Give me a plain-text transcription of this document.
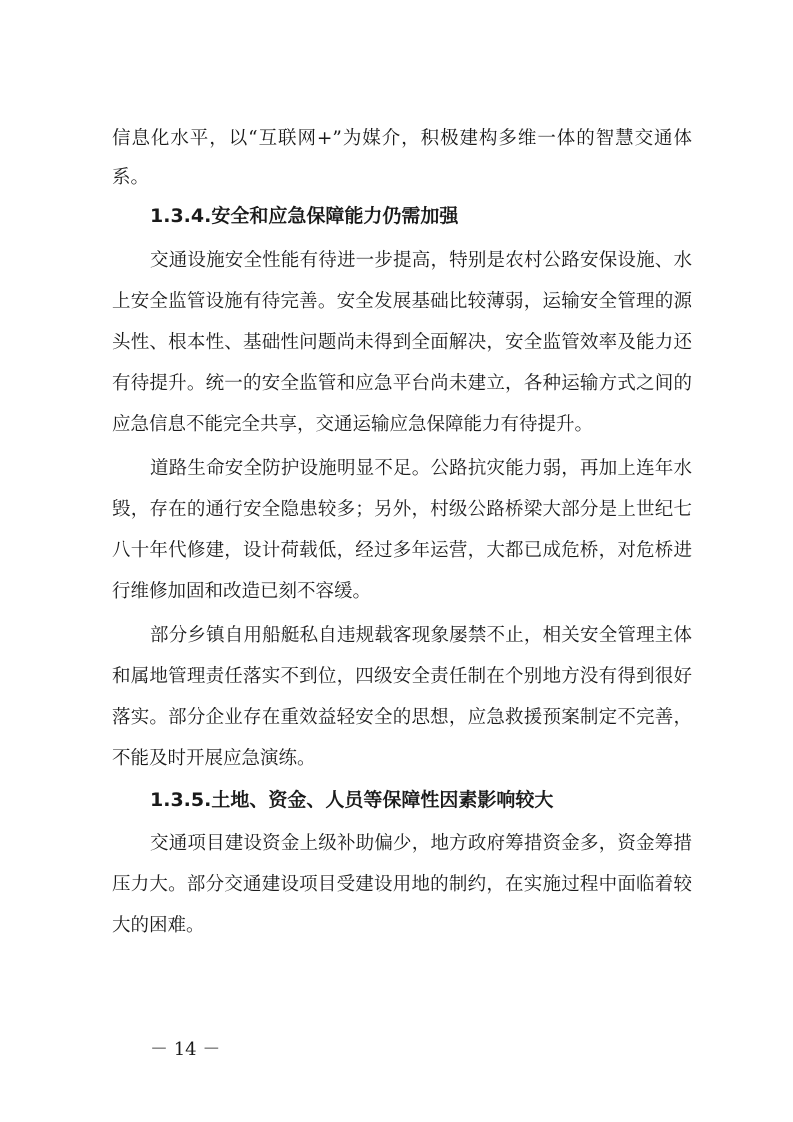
信息化水平，以“互联网+”为媒介，积极建构多维一体的智慧交通体
系。
1.3.4.安全和应急保障能力仍需加强
交通设施安全性能有待进一步提高，特别是农村公路安保设施、水
上安全监管设施有待完善。安全发展基础比较薄弱，运输安全管理的源
头性、根本性、基础性问题尚未得到全面解决，安全监管效率及能力还
有待提升。统一的安全监管和应急平台尚未建立，各种运输方式之间的
应急信息不能完全共享，交通运输应急保障能力有待提升。
道路生命安全防护设施明显不足。公路抗灾能力弱，再加上连年水
毁，存在的通行安全隐患较多；另外，村级公路桥梁大部分是上世纪七
八十年代修建，设计荷载低，经过多年运营，大都已成危桥，对危桥进
行维修加固和改造已刻不容缓。
部分乡镇自用船艇私自违规载客现象屡禁不止，相关安全管理主体
和属地管理责任落实不到位，四级安全责任制在个别地方没有得到很好
落实。部分企业存在重效益轻安全的思想，应急救援预案制定不完善，
不能及时开展应急演练。
1.3.5.土地、资金、人员等保障性因素影响较大
交通项目建设资金上级补助偏少，地方政府筹措资金多，资金筹措
压力大。部分交通建设项目受建设用地的制约，在实施过程中面临着较
大的困难。
－ 14 －
